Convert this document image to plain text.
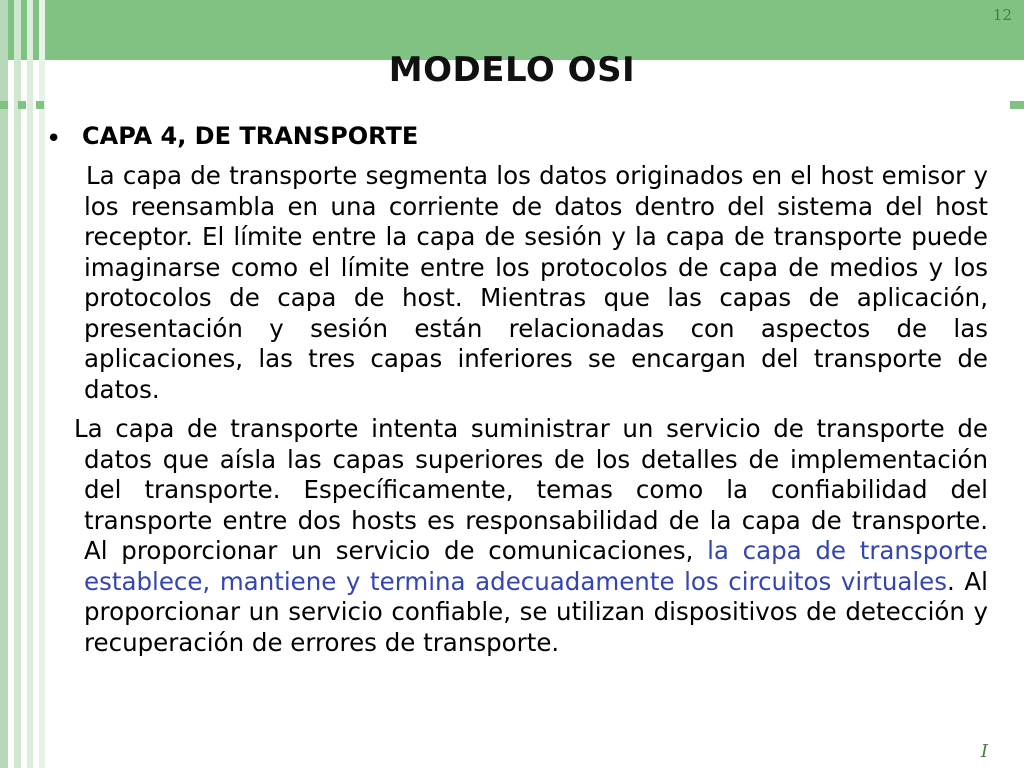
12
MODELO OSI
• CAPA 4, DE TRANSPORTE

La capa de transporte segmenta los datos originados en el host emisor y los reensambla en una corriente de datos dentro del sistema del host receptor. El límite entre la capa de sesión y la capa de transporte puede imaginarse como el límite entre los protocolos de capa de medios y los protocolos de capa de host. Mientras que las capas de aplicación, presentación y sesión están relacionadas con aspectos de las aplicaciones, las tres capas inferiores se encargan del transporte de datos.

La capa de transporte intenta suministrar un servicio de transporte de datos que aísla las capas superiores de los detalles de implementación del transporte. Específicamente, temas como la confiabilidad del transporte entre dos hosts es responsabilidad de la capa de transporte. Al proporcionar un servicio de comunicaciones, la capa de transporte establece, mantiene y termina adecuadamente los circuitos virtuales. Al proporcionar un servicio confiable, se utilizan dispositivos de detección y recuperación de errores de transporte.

I
